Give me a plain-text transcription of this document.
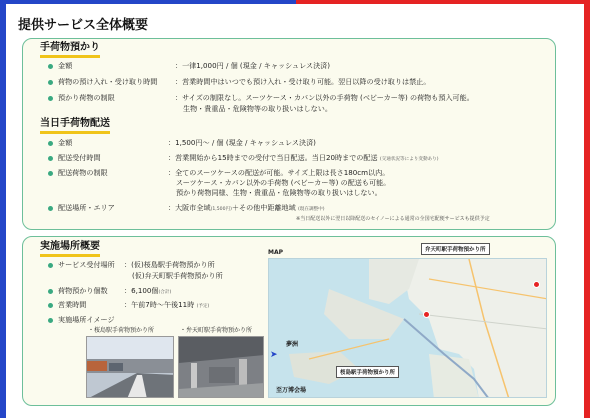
提供サービス全体概要
手荷物預かり
金額	：一律1,000円 / 個 (現金 / キャッシュレス決済)
荷物の預け入れ・受け取り時間 ：営業時間中はいつでも預け入れ・受け取り可能。翌日以降の受け取りは禁止。
預かり荷物の制限	：サイズの制限なし。スーツケース・カバン以外の手荷物 (ベビーカー等) の荷物も預入可能。
生物・貴重品・危険物等の取り扱いはしない。
当日手荷物配送
金額	：1,500円～ / 個 (現金 / キャッシュレス決済)
配送受付時間	：営業開始から15時までの受付で当日配送。当日20時までの配送 (交通状況等により変動あり)
配送荷物の制限	：全てのスーツケースの配送が可能。サイズ上限は長さ180cm以内。
スーツケース・カバン以外の手荷物 (ベビーカー等) の配送も可能。
預かり荷物同様、生物・貴重品・危険物等の取り扱いはしない。
配送場所・エリア	：大阪市全域(1,500円)＋その他中距離地域 (現在調整中)
※当日配送以外に翌日以降配送のセイノーによる通常の全国宅配便サービスも提供予定
実施場所概要
サービス受付場所 ：(仮)桜島駅手荷物預かり所
(仮)弁天町駅手荷物預かり所
荷物預かり個数 ：6,100個(合計)
営業時間	：午前7時～午後11時 (予定)
実施場所イメージ
・桜島駅手荷物預かり所	・弁天町駅手荷物預かり所
MAP	弁天町駅手荷物預かり所
桜島駅手荷物預かり所
夢洲
至万博会場
➤
